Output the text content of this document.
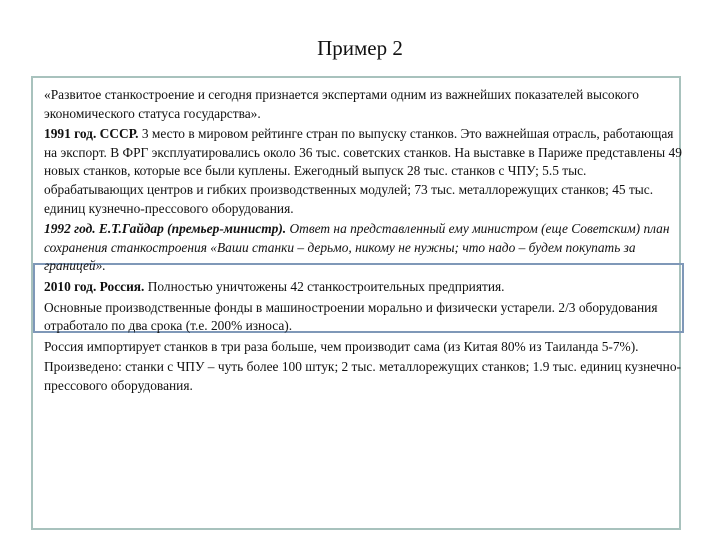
Пример 2

«Развитое станкостроение и сегодня признается экспертами одним из важнейших показателей высокого экономического статуса государства».

1991 год. СССР. 3 место в мировом рейтинге стран по выпуску станков. Это важнейшая отрасль, работающая на экспорт. В ФРГ эксплуатировались около 36 тыс. советских станков. На выставке в Париже представлены 49 новых станков, которые все были куплены. Ежегодный выпуск 28 тыс. станков с ЧПУ; 5.5 тыс. обрабатывающих центров и гибких производственных модулей; 73 тыс. металлорежущих станков; 45 тыс. единиц кузнечно-прессового оборудования.

1992 год. Е.Т.Гайдар (премьер-министр). Ответ на представленный ему министром (еще Советским) план сохранения станкостроения «Ваши станки – дерьмо, никому не нужны; что надо – будем покупать за границей».

2010 год. Россия. Полностью уничтожены 42 станкостроительных предприятия.

Основные производственные фонды в машиностроении морально и физически устарели. 2/3 оборудования отработало по два срока (т.е. 200% износа).

Россия импортирует станков в три раза больше, чем производит сама (из Китая 80% из Таиланда 5-7%).

Произведено: станки с ЧПУ – чуть более 100 штук; 2 тыс. металлорежущих станков; 1.9 тыс. единиц кузнечно-прессового оборудования.
